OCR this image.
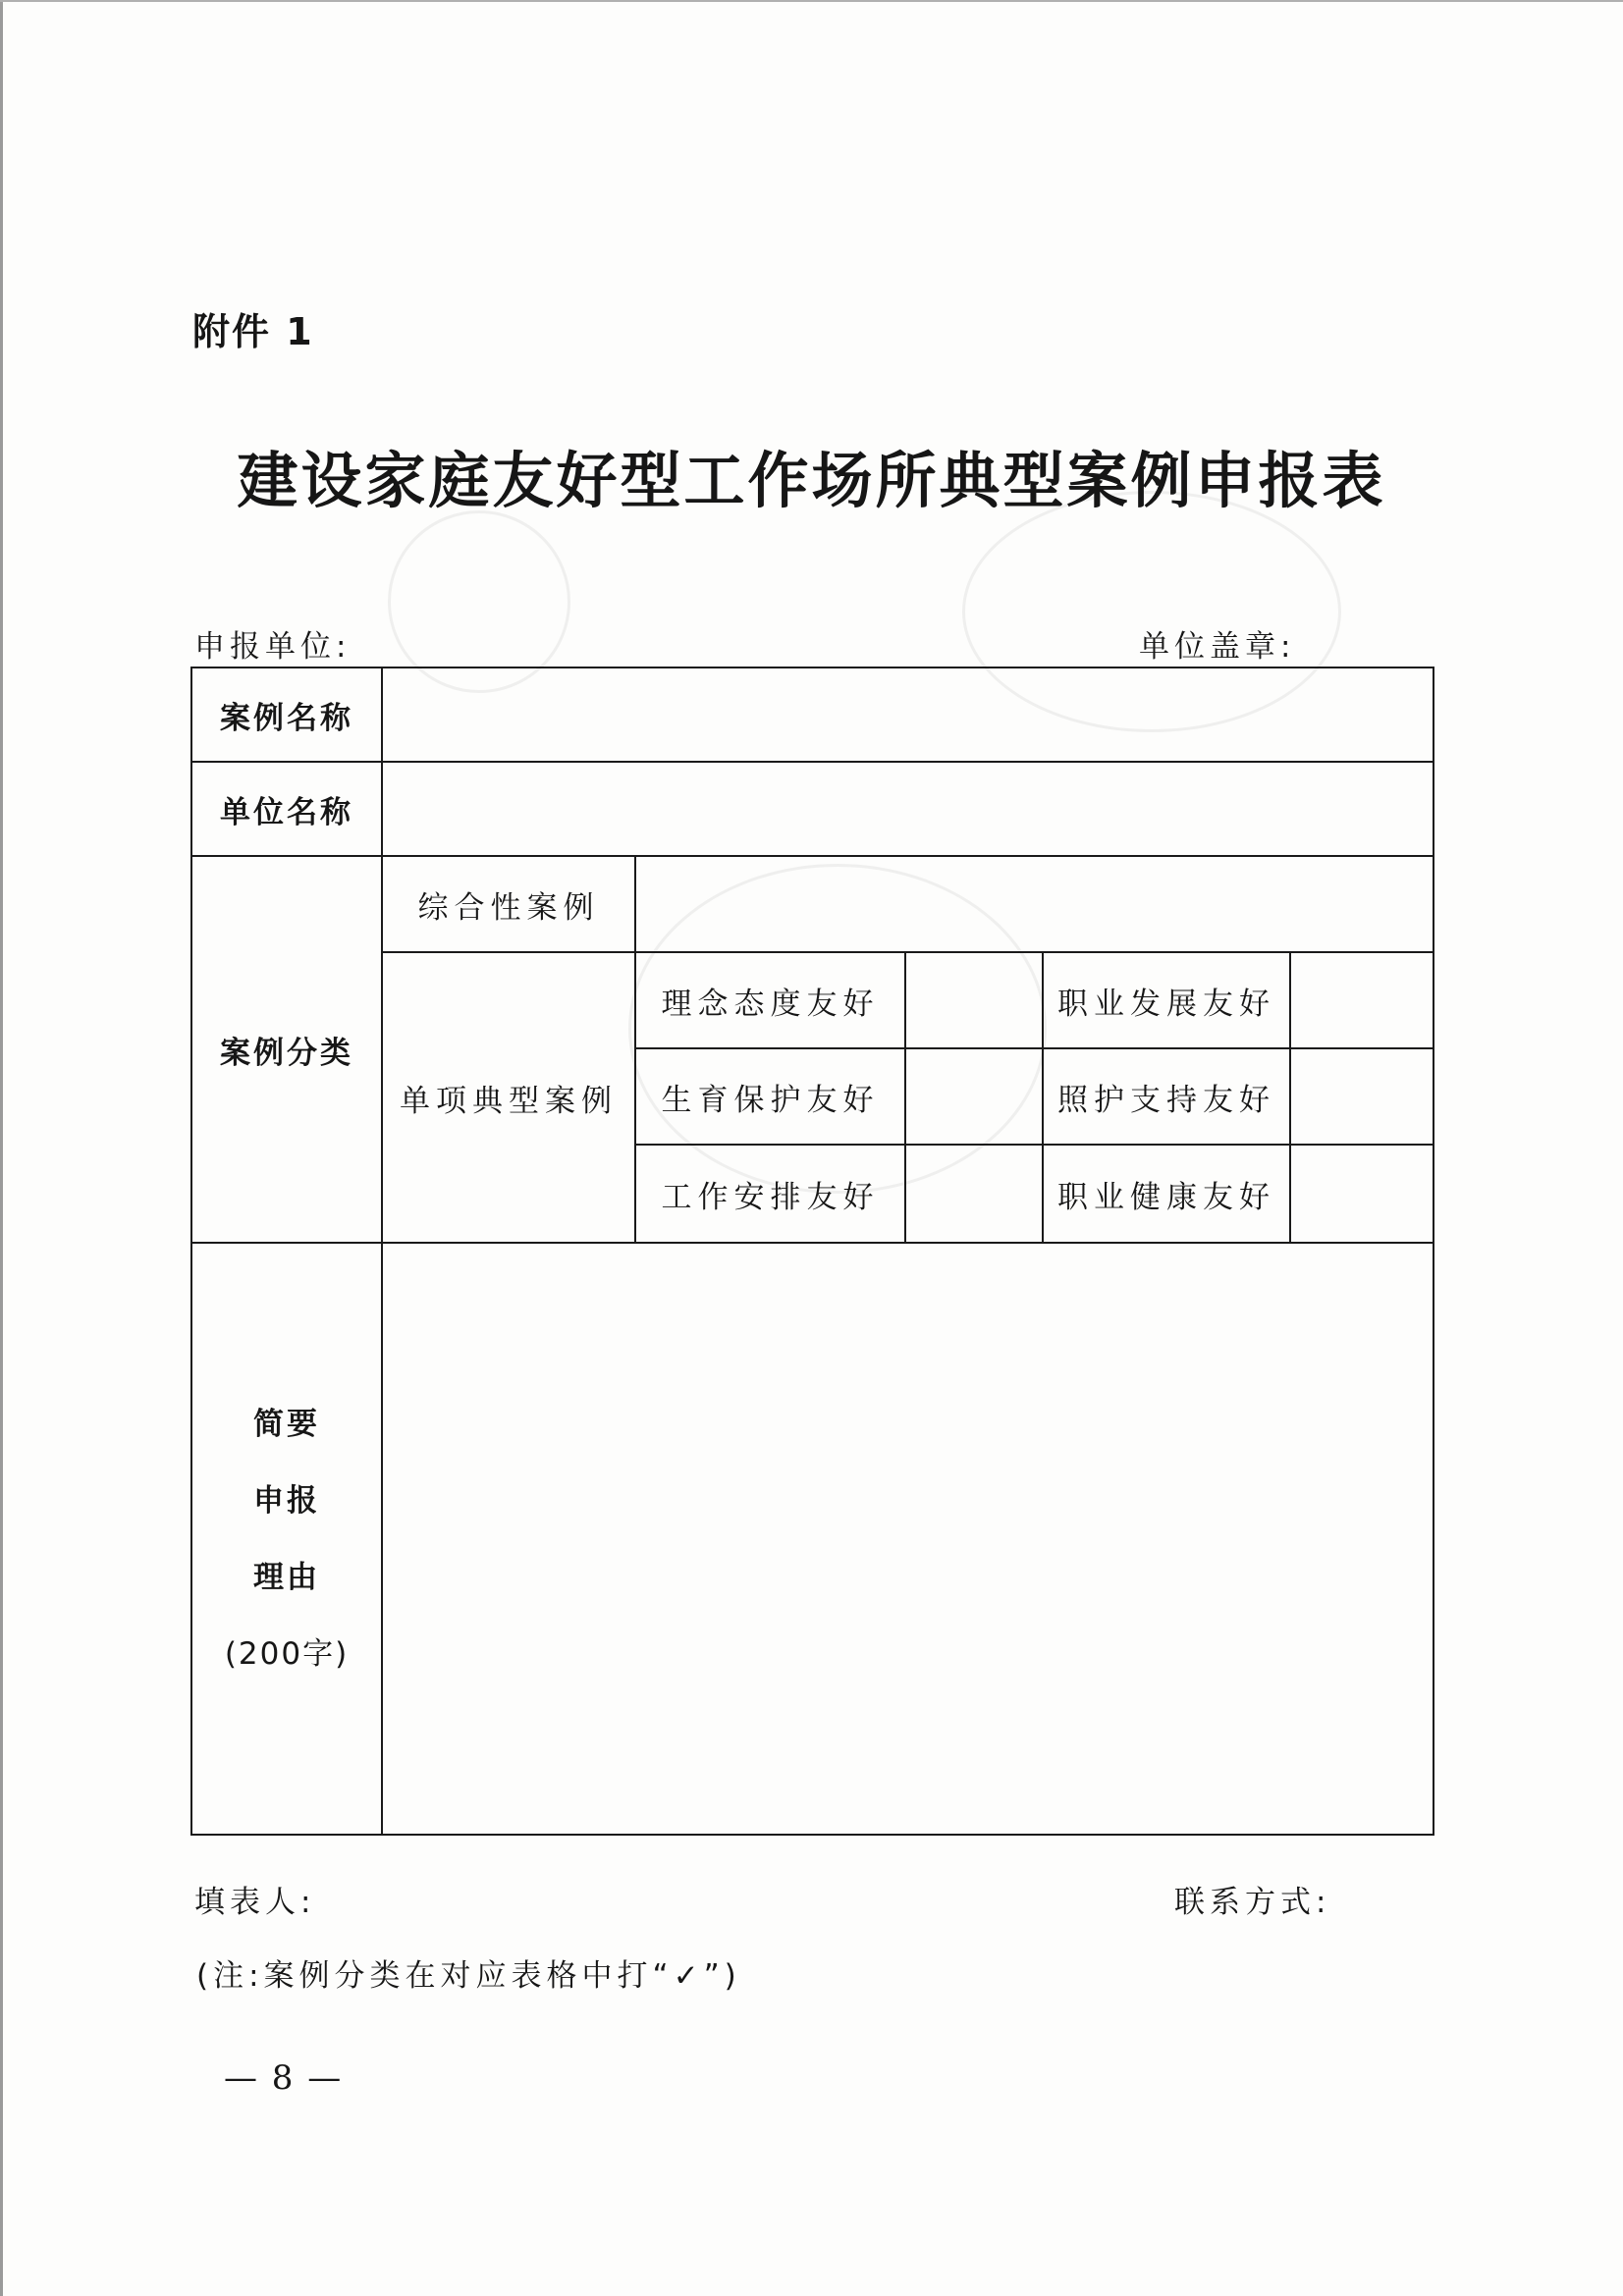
附件 1
建设家庭友好型工作场所典型案例申报表
申报单位:	单位盖章:
案例名称					
单位名称					
案例分类	综合性案例				
	单项典型案例	理念态度友好		职业发展友好	
		生育保护友好		照护支持友好	
		工作安排友好		职业健康友好	

简要
申报
理由
(200字)					

填表人:	联系方式:
(注:案例分类在对应表格中打“✓”)
— 8 —
